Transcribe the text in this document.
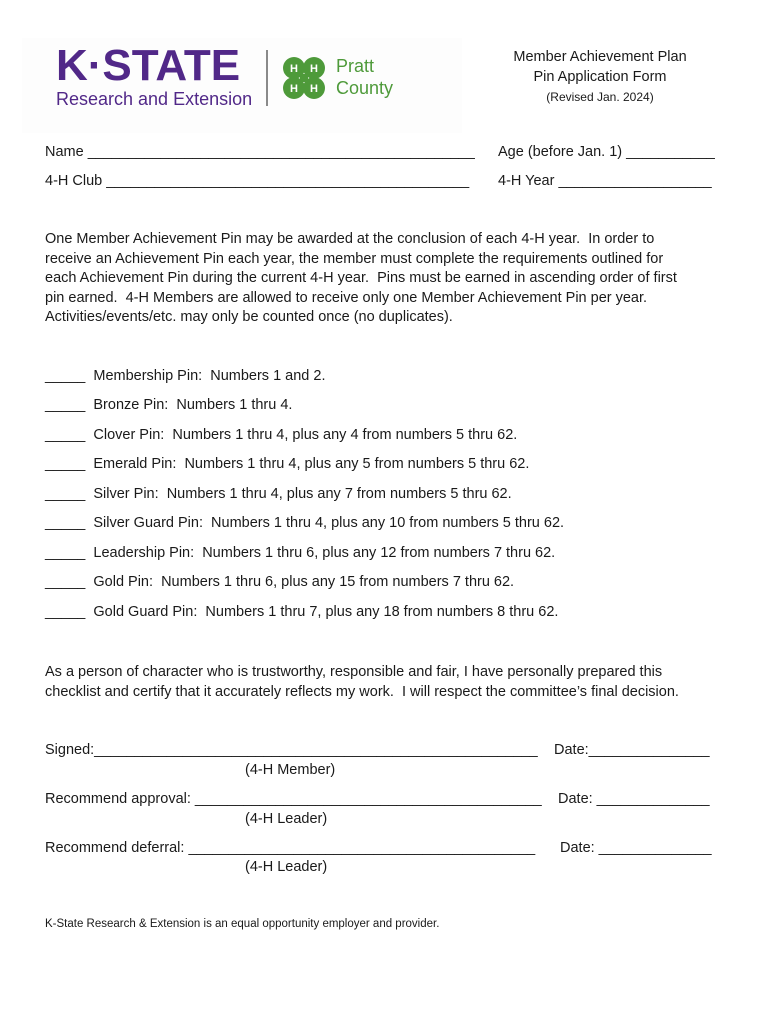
K·STATE
Research and Extension
H H
H H
Pratt
County
Member Achievement Plan
Pin Application Form
(Revised Jan. 2024)
Name ________________________________________________ Age (before Jan. 1) ___________
4-H Club _____________________________________________ 4-H Year ___________________

One Member Achievement Pin may be awarded at the conclusion of each 4-H year.  In order to

receive an Achievement Pin each year, the member must complete the requirements outlined for

each Achievement Pin during the current 4-H year.  Pins must be earned in ascending order of first

pin earned.  4-H Members are allowed to receive only one Member Achievement Pin per year.

Activities/events/etc. may only be counted once (no duplicates).

_____  Membership Pin:  Numbers 1 and 2.
_____  Bronze Pin:  Numbers 1 thru 4.
_____  Clover Pin:  Numbers 1 thru 4, plus any 4 from numbers 5 thru 62.
_____  Emerald Pin:  Numbers 1 thru 4, plus any 5 from numbers 5 thru 62.
_____  Silver Pin:  Numbers 1 thru 4, plus any 7 from numbers 5 thru 62.
_____  Silver Guard Pin:  Numbers 1 thru 4, plus any 10 from numbers 5 thru 62.
_____  Leadership Pin:  Numbers 1 thru 6, plus any 12 from numbers 7 thru 62.
_____  Gold Pin:  Numbers 1 thru 6, plus any 15 from numbers 7 thru 62.
_____  Gold Guard Pin:  Numbers 1 thru 7, plus any 18 from numbers 8 thru 62.

As a person of character who is trustworthy, responsible and fair, I have personally prepared this

checklist and certify that it accurately reflects my work.  I will respect the committee’s final decision.

Signed:_______________________________________________________ Date:_______________
(4-H Member)
Recommend approval: ___________________________________________ Date: ______________
(4-H Leader)
Recommend deferral: ___________________________________________ Date: ______________
(4-H Leader)
K-State Research & Extension is an equal opportunity employer and provider.
